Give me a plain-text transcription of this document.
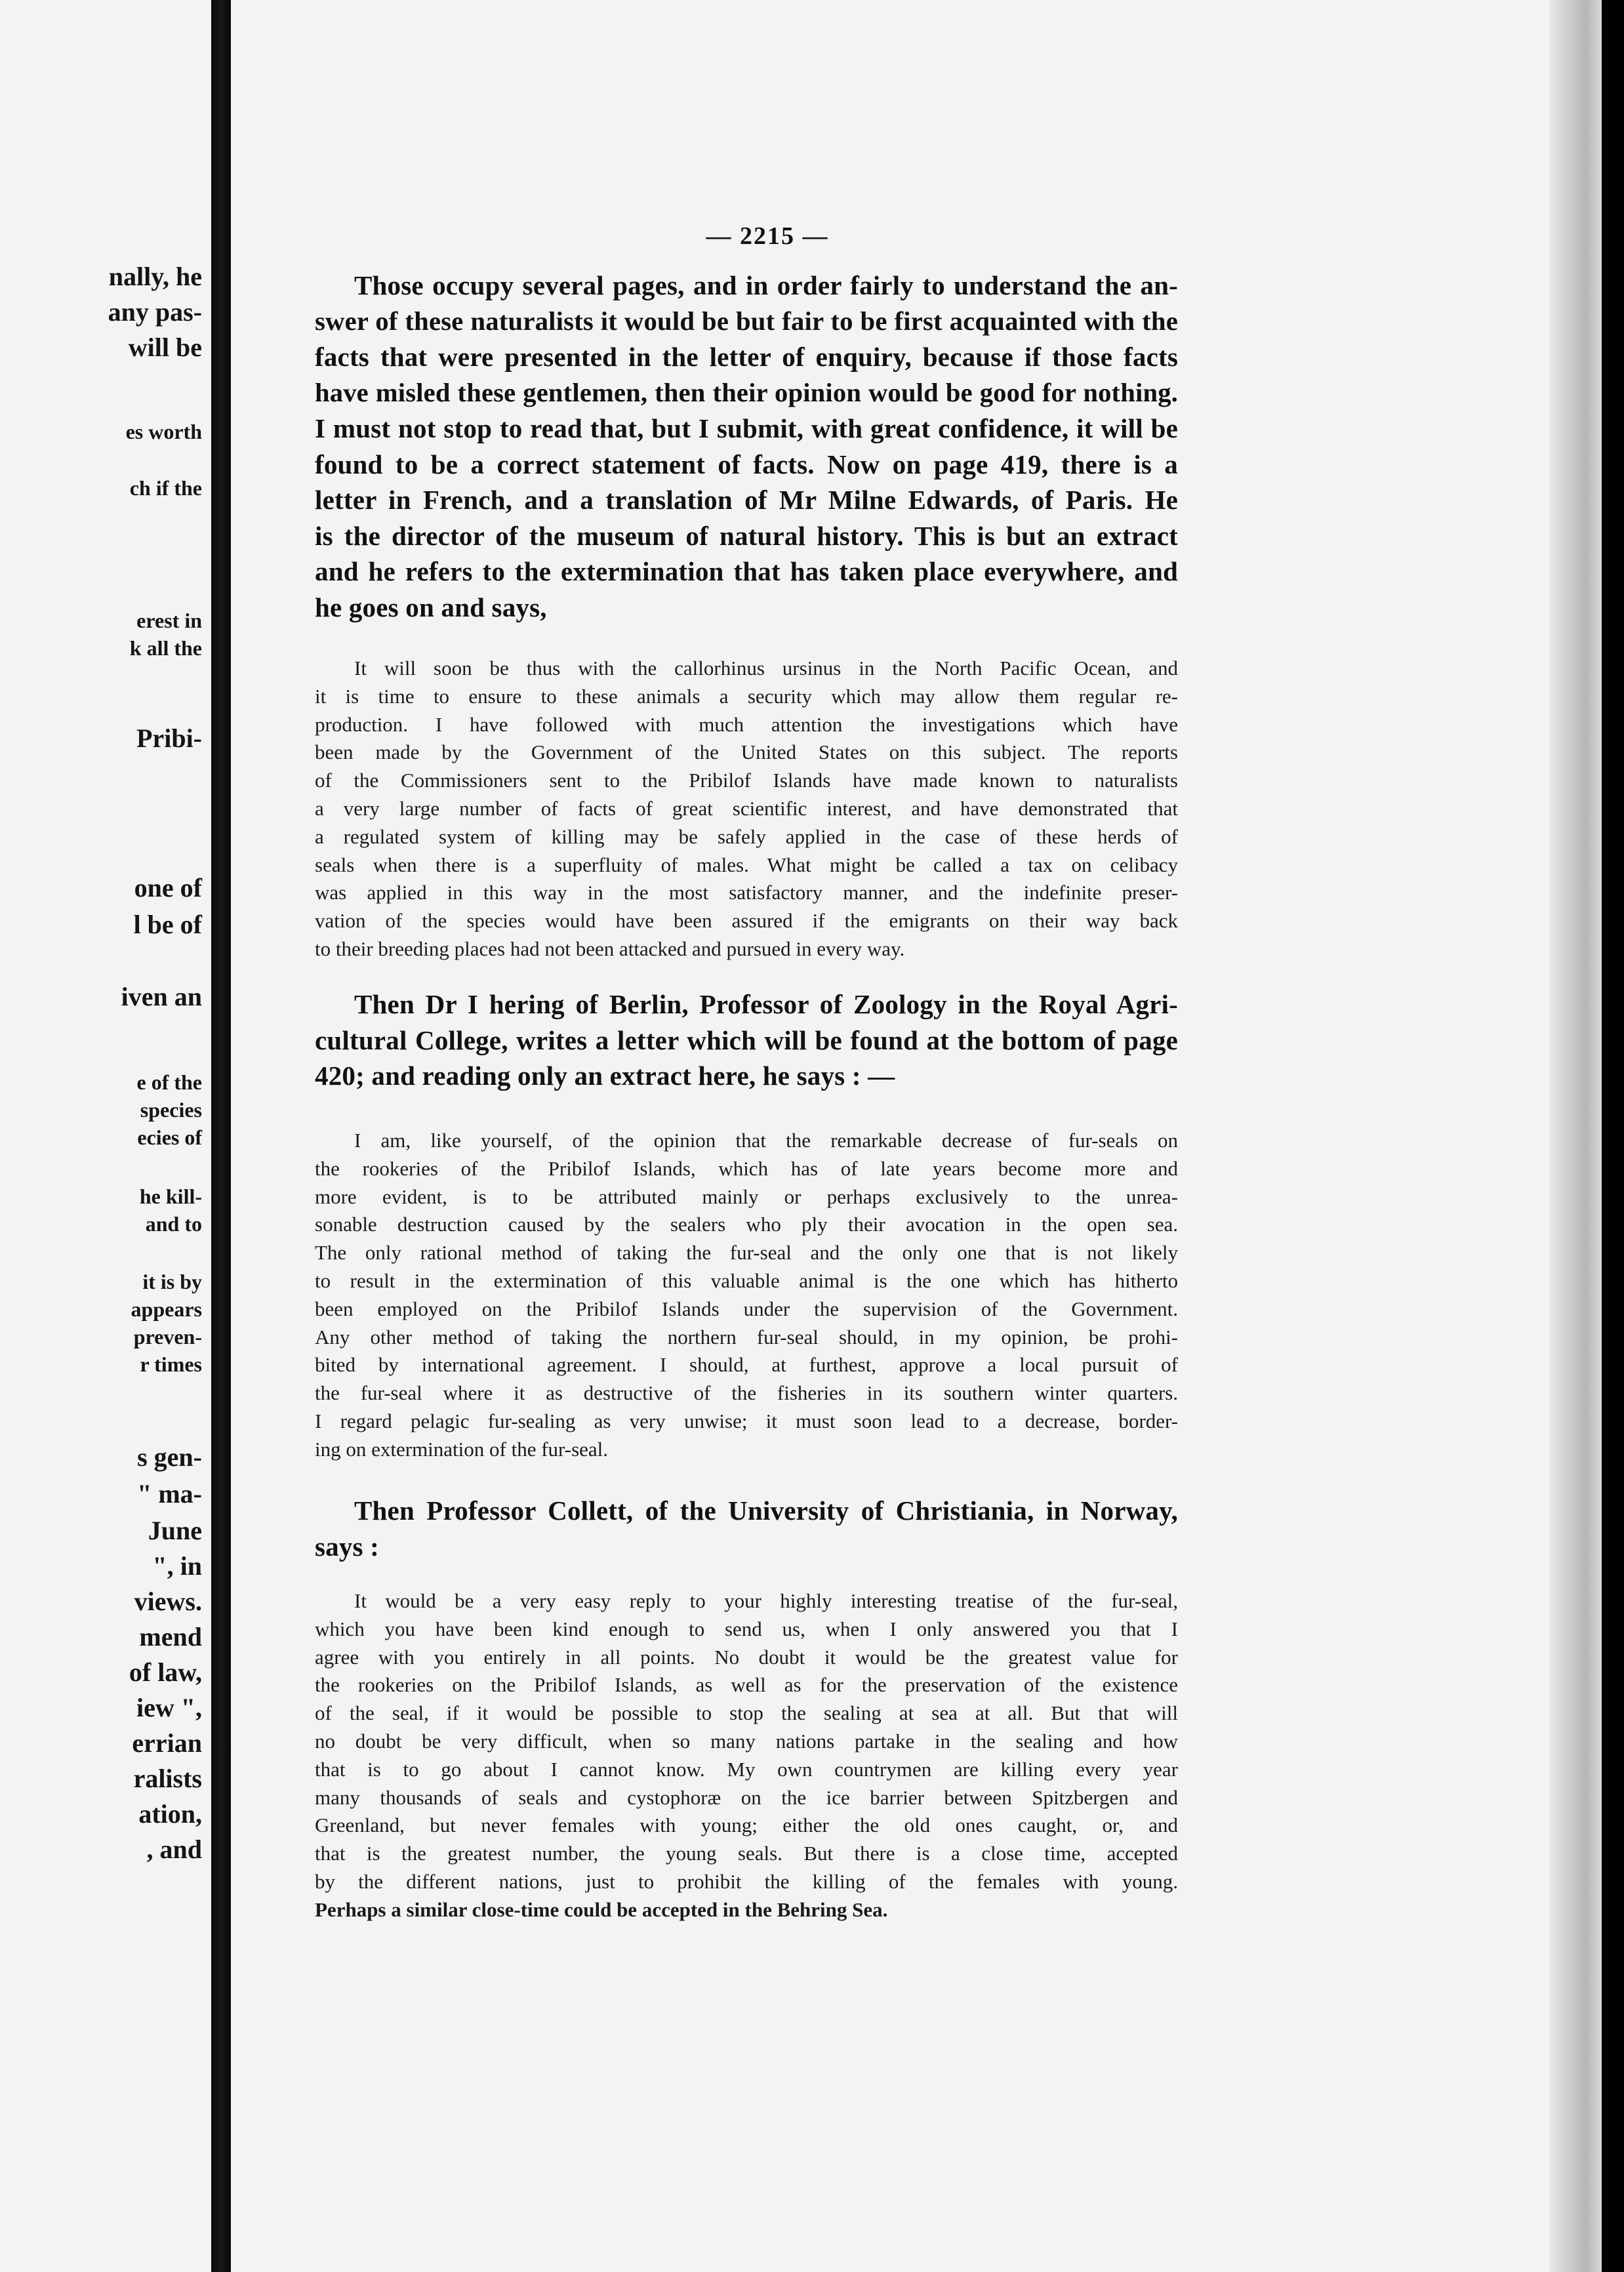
nally, he
any pas-
will be
es worth
ch if the
erest in
k all the
Pribi-
one of
l be of
iven an
e of the
species
ecies of
he kill-
and to
it is by
appears
preven-
r times
s gen-
" ma-
June
", in
views.
mend
of law,
iew ",
errian
ralists
ation,
, and
— 2215 —
Those occupy several pages, and in order fairly to understand the an-
swer of these naturalists it would be but fair to be first acquainted with the
facts that were presented in the letter of enquiry, because if those facts
have misled these gentlemen, then their opinion would be good for nothing.
I must not stop to read that, but I submit, with great confidence, it will be
found to be a correct statement of facts. Now on page 419, there is a
letter in French, and a translation of Mr Milne Edwards, of Paris. He
is the director of the museum of natural history. This is but an extract
and he refers to the extermination that has taken place everywhere, and
he goes on and says,
It will soon be thus with the callorhinus ursinus in the North Pacific Ocean, and
it is time to ensure to these animals a security which may allow them regular re-
production. I have followed with much attention the investigations which have
been made by the Government of the United States on this subject. The reports
of the Commissioners sent to the Pribilof Islands have made known to naturalists
a very large number of facts of great scientific interest, and have demonstrated that
a regulated system of killing may be safely applied in the case of these herds of
seals when there is a superfluity of males. What might be called a tax on celibacy
was applied in this way in the most satisfactory manner, and the indefinite preser-
vation of the species would have been assured if the emigrants on their way back
to their breeding places had not been attacked and pursued in every way.
Then Dr I hering of Berlin, Professor of Zoology in the Royal Agri-
cultural College, writes a letter which will be found at the bottom of page
420; and reading only an extract here, he says : —
I am, like yourself, of the opinion that the remarkable decrease of fur-seals on
the rookeries of the Pribilof Islands, which has of late years become more and
more evident, is to be attributed mainly or perhaps exclusively to the unrea-
sonable destruction caused by the sealers who ply their avocation in the open sea.
The only rational method of taking the fur-seal and the only one that is not likely
to result in the extermination of this valuable animal is the one which has hitherto
been employed on the Pribilof Islands under the supervision of the Government.
Any other method of taking the northern fur-seal should, in my opinion, be prohi-
bited by international agreement. I should, at furthest, approve a local pursuit of
the fur-seal where it as destructive of the fisheries in its southern winter quarters.
I regard pelagic fur-sealing as very unwise; it must soon lead to a decrease, border-
ing on extermination of the fur-seal.
Then Professor Collett, of the University of Christiania, in Norway,
says :
It would be a very easy reply to your highly interesting treatise of the fur-seal,
which you have been kind enough to send us, when I only answered you that I
agree with you entirely in all points. No doubt it would be the greatest value for
the rookeries on the Pribilof Islands, as well as for the preservation of the existence
of the seal, if it would be possible to stop the sealing at sea at all. But that will
no doubt be very difficult, when so many nations partake in the sealing and how
that is to go about I cannot know. My own countrymen are killing every year
many thousands of seals and cystophoræ on the ice barrier between Spitzbergen and
Greenland, but never females with young; either the old ones caught, or, and
that is the greatest number, the young seals. But there is a close time, accepted
by the different nations, just to prohibit the killing of the females with young.
Perhaps a similar close-time could be accepted in the Behring Sea.
